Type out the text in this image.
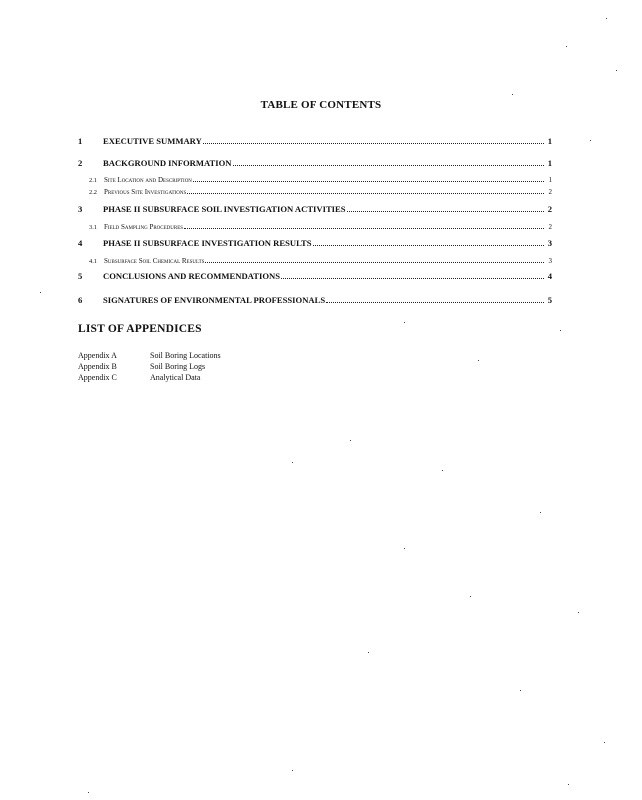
TABLE OF CONTENTS
1	EXECUTIVE SUMMARY	1
2	BACKGROUND INFORMATION	1
2.1	Site Location and Description	1
2.2	Previous Site Investigations	2
3	PHASE II SUBSURFACE SOIL INVESTIGATION ACTIVITIES	2
3.1	Field Sampling Procedures	2
4	PHASE II SUBSURFACE INVESTIGATION RESULTS	3
4.1	Subsurface Soil Chemical Results	3
5	CONCLUSIONS AND RECOMMENDATIONS	4
6	SIGNATURES OF ENVIRONMENTAL PROFESSIONALS	5
LIST OF APPENDICES
Appendix A	Soil Boring Locations
Appendix B	Soil Boring Logs
Appendix C	Analytical Data
